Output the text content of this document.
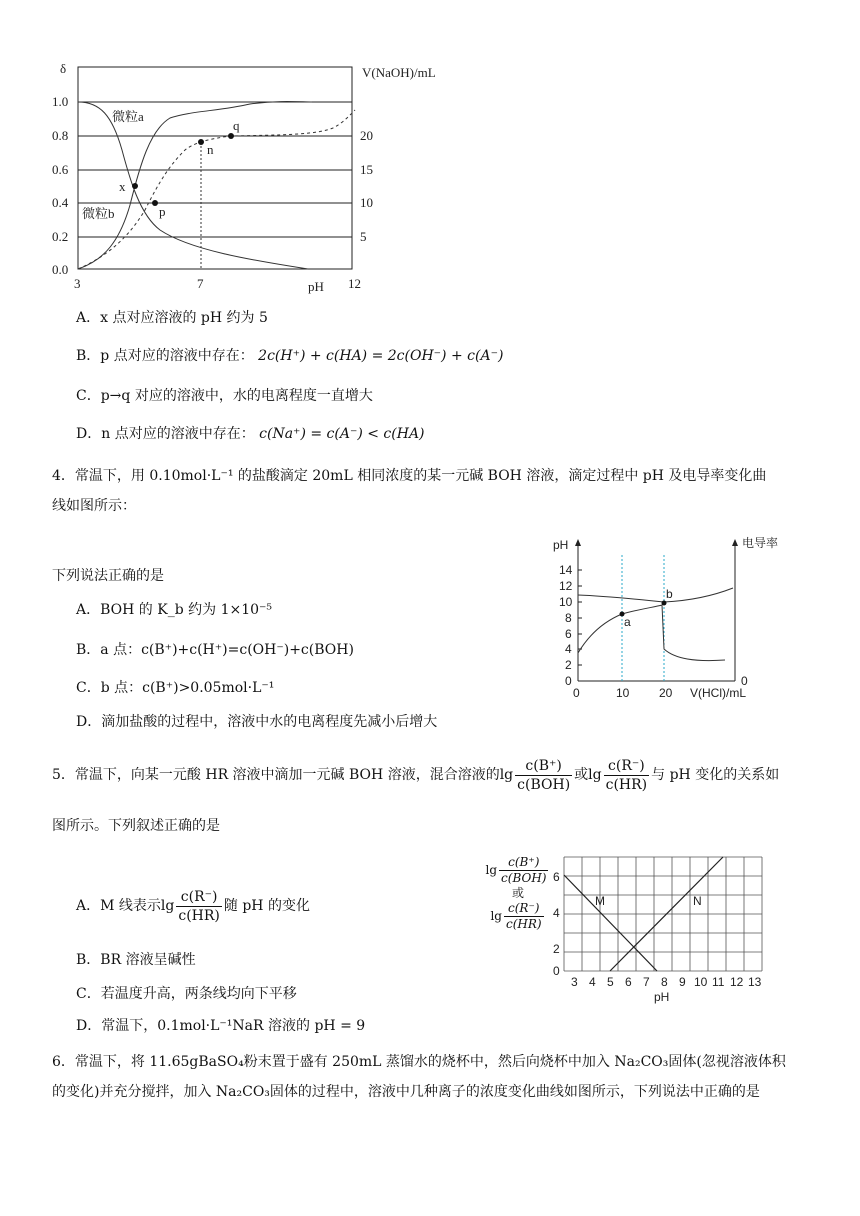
δ	V(NaOH)/mL
1.0
0.8
0.6
0.4
0.2
0.0
20
15
10
5
3	7	12
pH
x
p
n
q
微粒a
微粒b
A．x 点对应溶液的 pH 约为 5
B．p 点对应的溶液中存在： 2c(H⁺) + c(HA) = 2c(OH⁻) + c(A⁻)
C．p→q 对应的溶液中，水的电离程度一直增大
D．n 点对应的溶液中存在： c(Na⁺) = c(A⁻) < c(HA)
4．常温下，用 0.10mol·L⁻¹ 的盐酸滴定 20mL 相同浓度的某一元碱 BOH 溶液，滴定过程中 pH 及电导率变化曲
线如图所示：
下列说法正确的是
A．BOH 的 K_b 约为 1×10⁻⁵
B．a 点：c(B⁺)+c(H⁺)=c(OH⁻)+c(BOH)
C．b 点：c(B⁺)>0.05mol·L⁻¹
D．滴加盐酸的过程中，溶液中水的电离程度先减小后增大
pH	电导率
14
12
10
8
6
4
2
0
0	10 20 V(HCl)/mL
0
a
b
5．常温下，向某一元酸 HR 溶液中滴加一元碱 BOH 溶液，混合溶液的$\lg \frac{c(B^+)}{\text{c(BOH)}}$ 或$\lg \frac{c(R^-)}{c(HR)}$ 与 pH 变化的关系如
图所示。下列叙述正确的是
A．M 线表示$\lg \frac{c(R^-)}{c(HR)}$ 随 pH 的变化
B．BR 溶液呈碱性
C．若温度升高，两条线均向下平移
D．常温下，0.1mol·L⁻¹NaR 溶液的 pH = 9
$\lg \frac{c(B^+)}{\text{c(BOH)}}$
或
$\lg \frac{c(R^-)}{c(HR)}$
6
4
2
0
3 4 5 6 7 8 9 10 11 12 13
pH
M	N
6．常温下，将 11.65gBaSO₄粉末置于盛有 250mL 蒸馏水的烧杯中，然后向烧杯中加入 Na₂CO₃固体(忽视溶液体积
的变化)并充分搅拌，加入 Na₂CO₃固体的过程中，溶液中几种离子的浓度变化曲线如图所示，下列说法中正确的是
